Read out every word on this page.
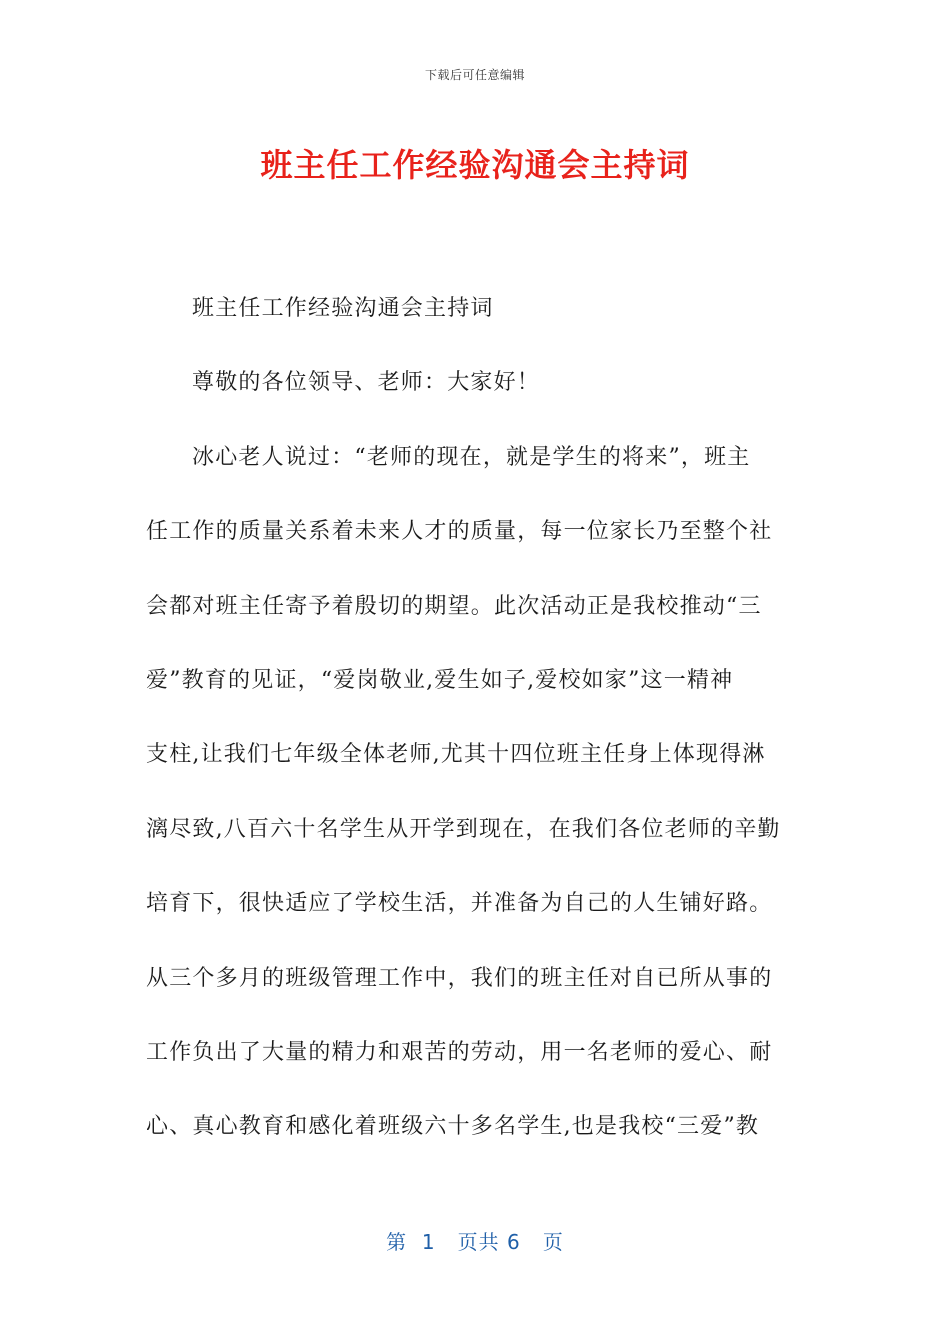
下载后可任意编辑
班主任工作经验沟通会主持词
班主任工作经验沟通会主持词
尊敬的各位领导、老师：大家好！
冰心老人说过：“老师的现在，就是学生的将来”，班主
任工作的质量关系着未来人才的质量，每一位家长乃至整个社
会都对班主任寄予着殷切的期望。此次活动正是我校推动“三
爱”教育的见证，“爱岗敬业,爱生如子,爱校如家”这一精神
支柱,让我们七年级全体老师,尤其十四位班主任身上体现得淋
漓尽致,八百六十名学生从开学到现在，在我们各位老师的辛勤
培育下，很快适应了学校生活，并准备为自己的人生铺好路。
从三个多月的班级管理工作中，我们的班主任对自已所从事的
工作负出了大量的精力和艰苦的劳动，用一名老师的爱心、耐
心、真心教育和感化着班级六十多名学生,也是我校“三爱”教
第  1   页共 6   页
